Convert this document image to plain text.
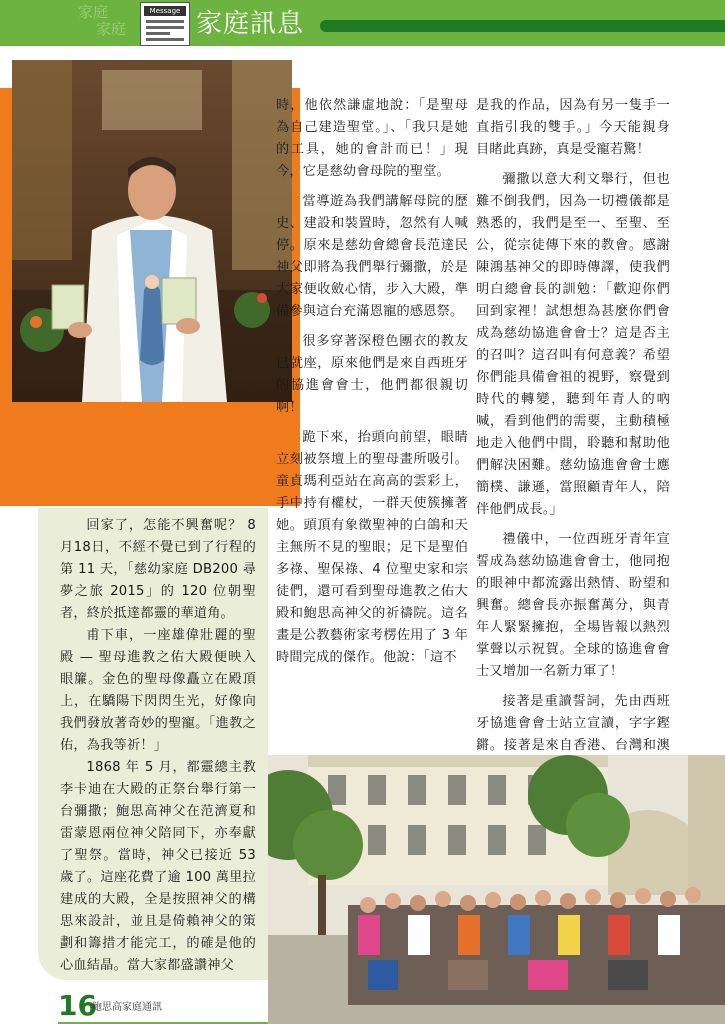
家庭
家庭
Message 家庭訊息

回家了，怎能不興奮呢？ 8月18日，不經不覺已到了行程的第 11 天，「慈幼家庭 DB200 尋夢之旅 2015」的 120 位朝聖者，終於抵達都靈的華道角。

甫下車，一座雄偉壯麗的聖殿 — 聖母進教之佑大殿便映入眼簾。金色的聖母像矗立在殿頂上，在驕陽下閃閃生光，好像向我們發放著奇妙的聖寵。「進教之佑，為我等祈！」

1868 年 5 月，都靈總主教李卡迪在大殿的正祭台舉行第一台彌撒；鮑思高神父在范濟夏和雷蒙恩兩位神父陪同下，亦奉獻了聖祭。當時，神父已接近 53 歲了。這座花費了逾 100 萬里拉建成的大殿，全是按照神父的構思來設計，並且是倚賴神父的策劃和籌措才能完工，的確是他的心血結晶。當大家都盛讚神父

時，他依然謙虛地說：「是聖母為自己建造聖堂。」、「我只是她的工具，她的會計而已！」現今，它是慈幼會母院的聖堂。

當導遊為我們講解母院的歷史、建設和裝置時，忽然有人喊停。原來是慈幼會總會長范達民神父即將為我們舉行彌撒，於是大家便收斂心情，步入大殿，準備參與這台充滿恩寵的感恩祭。

很多穿著深橙色團衣的教友已就座，原來他們是來自西班牙的協進會會士，他們都很親切啊！

跪下來，抬頭向前望，眼睛立刻被祭壇上的聖母畫所吸引。童貞瑪利亞站在高高的雲彩上，手中持有權杖，一群天使簇擁著她。頭頂有象徵聖神的白鴿和天主無所不見的聖眼；足下是聖伯多祿、聖保祿、4 位聖史家和宗徒們，還可看到聖母進教之佑大殿和鮑思高神父的祈禱院。這名畫是公教藝術家考楞佐用了 3 年時間完成的傑作。他說：「這不

是我的作品，因為有另一隻手一直指引我的雙手。」今天能親身目睹此真跡，真是受寵若驚！

彌撒以意大利文舉行，但也難不倒我們，因為一切禮儀都是熟悉的，我們是至一、至聖、至公，從宗徒傳下來的教會。感謝陳鴻基神父的即時傳譯，使我們明白總會長的訓勉：「歡迎你們回到家裡！試想想為甚麼你們會成為慈幼協進會會士？這是否主的召叫？這召叫有何意義？希望你們能具備會祖的視野，察覺到時代的轉變，聽到年青人的吶喊，看到他們的需要，主動積極地走入他們中間，聆聽和幫助他們解決困難。慈幼協進會會士應簡樸、謙遜，當照顧青年人，陪伴他們成長。」

禮儀中，一位西班牙青年宣誓成為慈幼協進會會士，他同抱的眼神中都流露出熱情、盼望和興奮。總會長亦振奮萬分，與青年人緊緊擁抱，全場皆報以熱烈掌聲以示祝賀。全球的協進會會士又增加一名新力軍了！

接著是重讀誓詞，先由西班牙協進會會士站立宣讀，字字鏗鏘。接著是來自香港、台灣和澳

16
鮑思高家庭通訊
